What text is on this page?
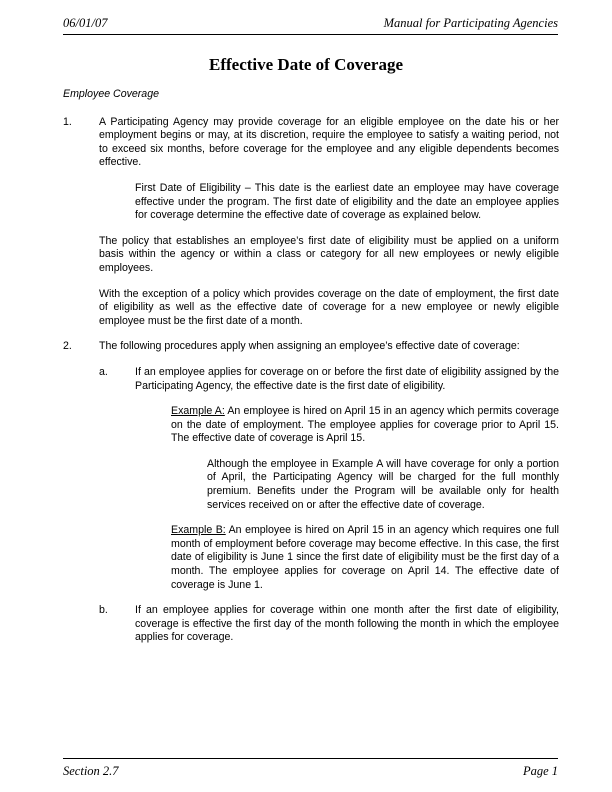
06/01/07	Manual for Participating Agencies
Effective Date of Coverage

Employee Coverage

1.	A Participating Agency may provide coverage for an eligible employee on the date his or her employment begins or may, at its discretion, require the employee to satisfy a waiting period, not to exceed six months, before coverage for the employee and any eligible dependents becomes effective.

First Date of Eligibility – This date is the earliest date an employee may have coverage effective under the program. The first date of eligibility and the date an employee applies for coverage determine the effective date of coverage as explained below.

The policy that establishes an employee’s first date of eligibility must be applied on a uniform basis within the agency or within a class or category for all new employees or newly eligible employees.

With the exception of a policy which provides coverage on the date of employment, the first date of eligibility as well as the effective date of coverage for a new employee or newly eligible employee must be the first date of a month.

2.	The following procedures apply when assigning an employee’s effective date of coverage:

a.	If an employee applies for coverage on or before the first date of eligibility assigned by the Participating Agency, the effective date is the first date of eligibility.

Example A: An employee is hired on April 15 in an agency which permits coverage on the date of employment. The employee applies for coverage prior to April 15. The effective date of coverage is April 15.

Although the employee in Example A will have coverage for only a portion of April, the Participating Agency will be charged for the full monthly premium. Benefits under the Program will be available only for health services received on or after the effective date of coverage.

Example B: An employee is hired on April 15 in an agency which requires one full month of employment before coverage may become effective. In this case, the first date of eligibility is June 1 since the first date of eligibility must be the first day of a month. The employee applies for coverage on April 14. The effective date of coverage is June 1.

b.	If an employee applies for coverage within one month after the first date of eligibility, coverage is effective the first day of the month following the month in which the employee applies for coverage.

Section 2.7	Page 1
